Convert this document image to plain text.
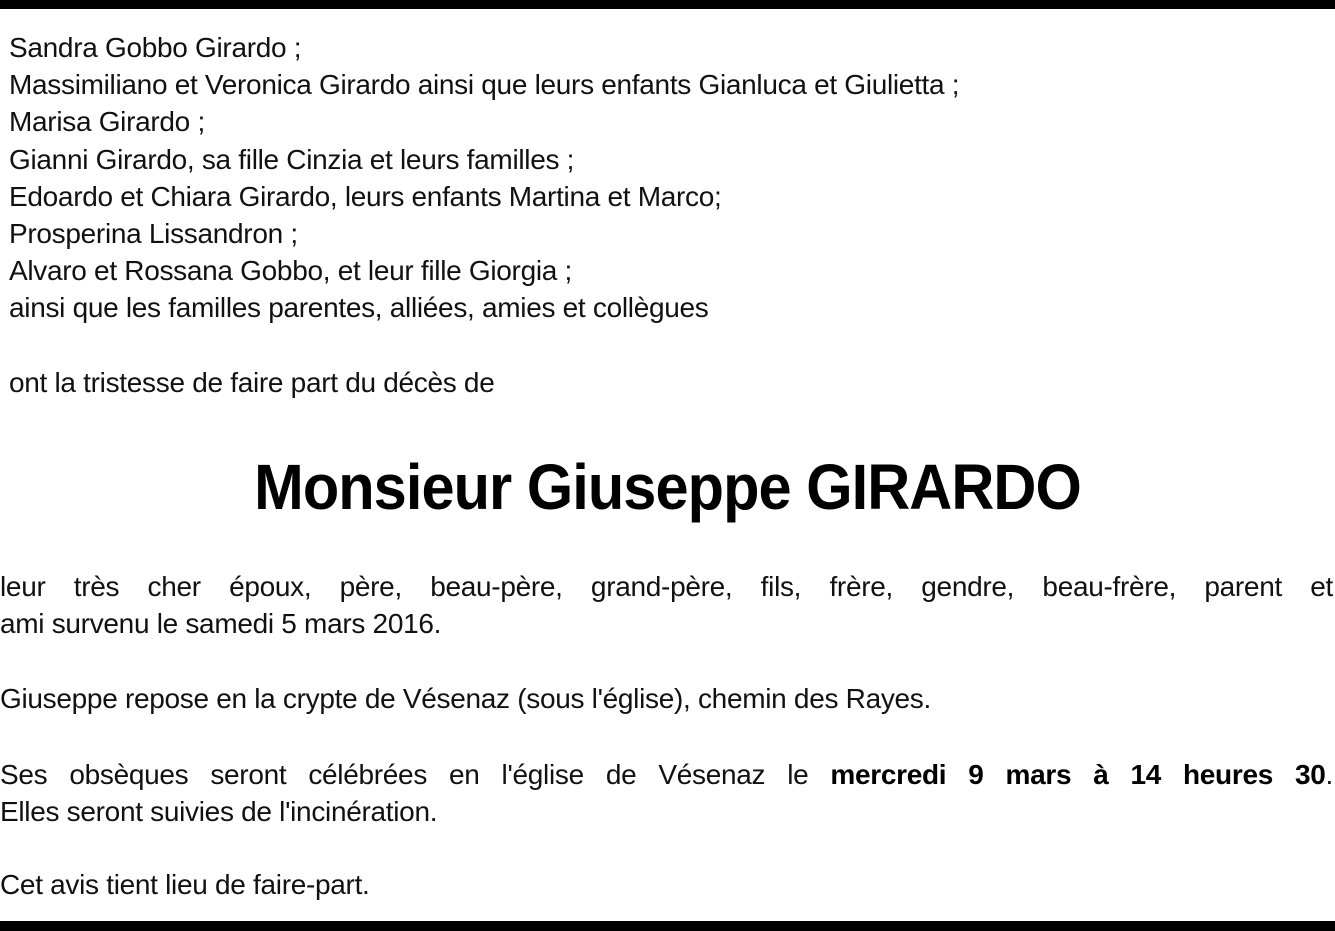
Sandra Gobbo Girardo ;
Massimiliano et Veronica Girardo ainsi que leurs enfants Gianluca et Giulietta ;
Marisa Girardo ;
Gianni Girardo, sa fille Cinzia et leurs familles ;
Edoardo et Chiara Girardo, leurs enfants Martina et Marco;
Prosperina Lissandron ;
Alvaro et Rossana Gobbo, et leur fille Giorgia ;
ainsi que les familles parentes, alliées, amies et collègues
ont la tristesse de faire part du décès de
Monsieur Giuseppe GIRARDO
leur très cher époux, père, beau-père, grand-père, fils, frère, gendre, beau-frère, parent et
ami survenu le samedi 5 mars 2016.
Giuseppe repose en la crypte de Vésenaz (sous l'église), chemin des Rayes.
Ses obsèques seront célébrées en l'église de Vésenaz le mercredi 9 mars à 14 heures 30.
Elles seront suivies de l'incinération.
Cet avis tient lieu de faire-part.
